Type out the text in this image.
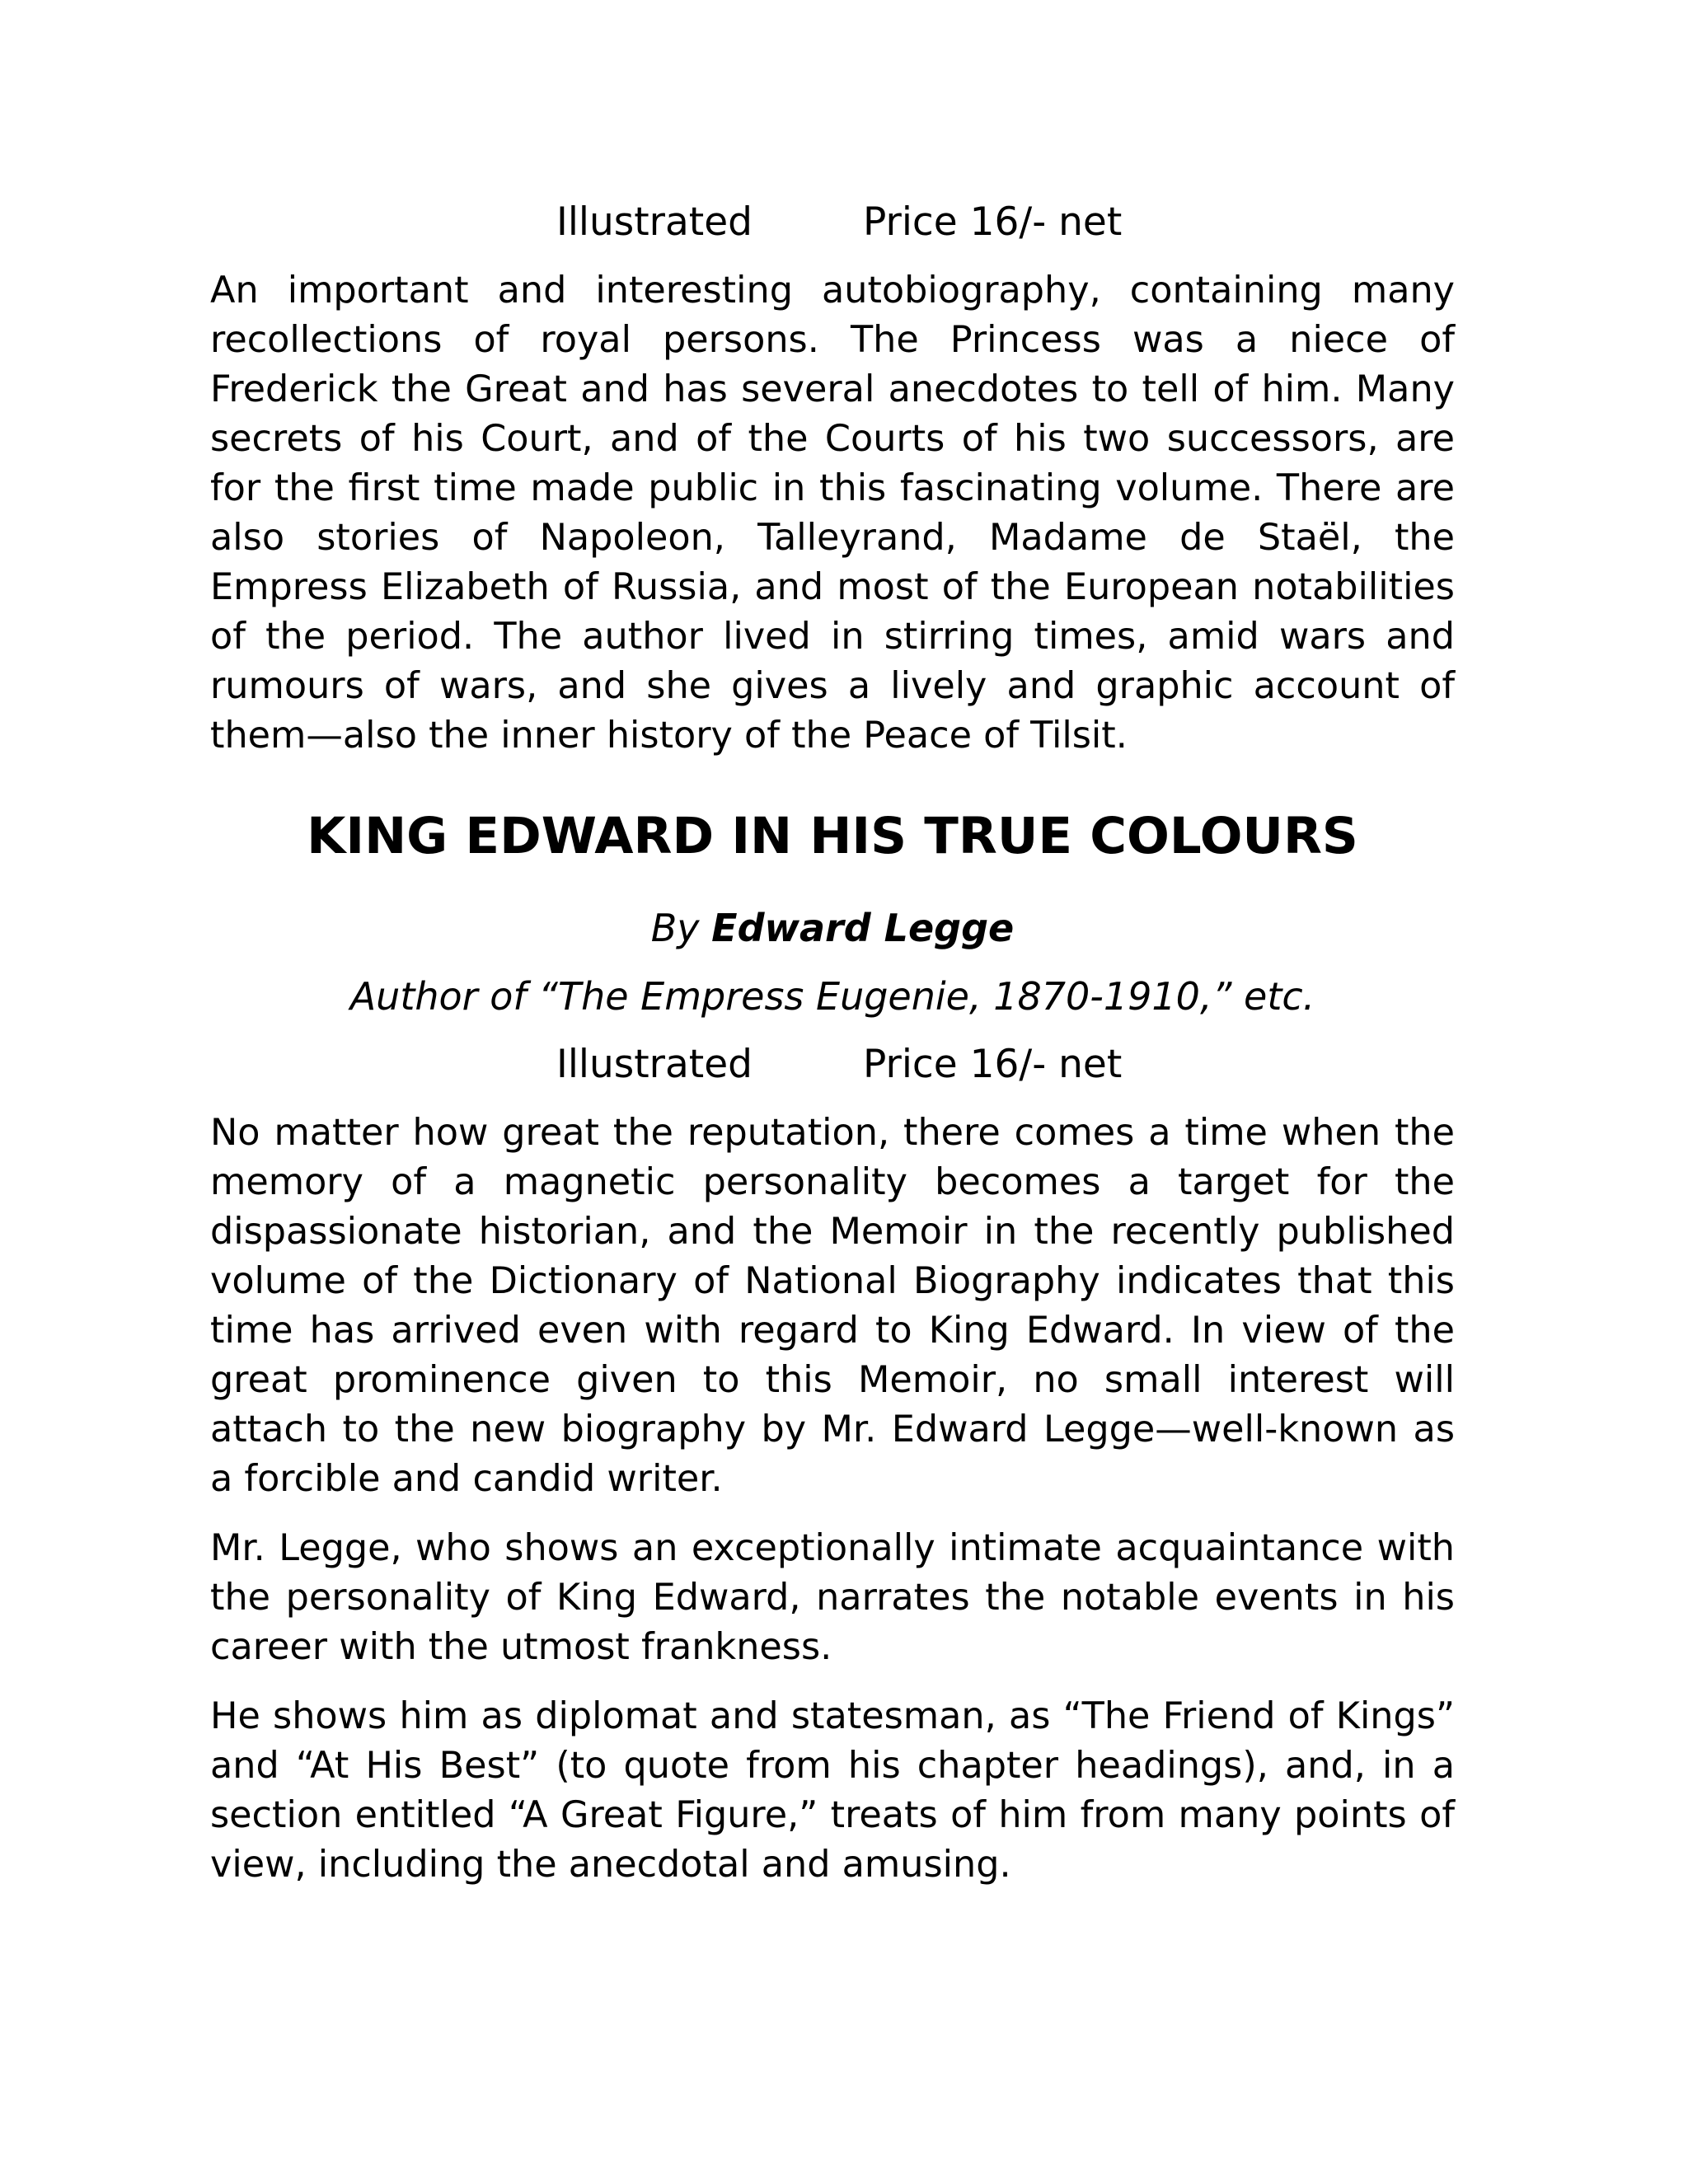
Illustrated	Price 16/- net

An important and interesting autobiography, containing many recollections of royal persons. The Princess was a niece of Frederick the Great and has several anecdotes to tell of him. Many secrets of his Court, and of the Courts of his two successors, are for the first time made public in this fascinating volume. There are also stories of Napoleon, Talleyrand, Madame de Staël, the Empress Elizabeth of Russia, and most of the European notabilities of the period. The author lived in stirring times, amid wars and rumours of wars, and she gives a lively and graphic account of them—also the inner history of the Peace of Tilsit.

KING EDWARD IN HIS TRUE COLOURS
By Edward Legge
Author of “The Empress Eugenie, 1870-1910,” etc.
Illustrated	Price 16/- net

No matter how great the reputation, there comes a time when the memory of a magnetic personality becomes a target for the dispassionate historian, and the Memoir in the recently published volume of the Dictionary of National Biography indicates that this time has arrived even with regard to King Edward. In view of the great prominence given to this Memoir, no small interest will attach to the new biography by Mr. Edward Legge—well-known as a forcible and candid writer.

Mr. Legge, who shows an exceptionally intimate acquaintance with the personality of King Edward, narrates the notable events in his career with the utmost frankness.

He shows him as diplomat and statesman, as “The Friend of Kings” and “At His Best” (to quote from his chapter headings), and, in a section entitled “A Great Figure,” treats of him from many points of view, including the anecdotal and amusing.
